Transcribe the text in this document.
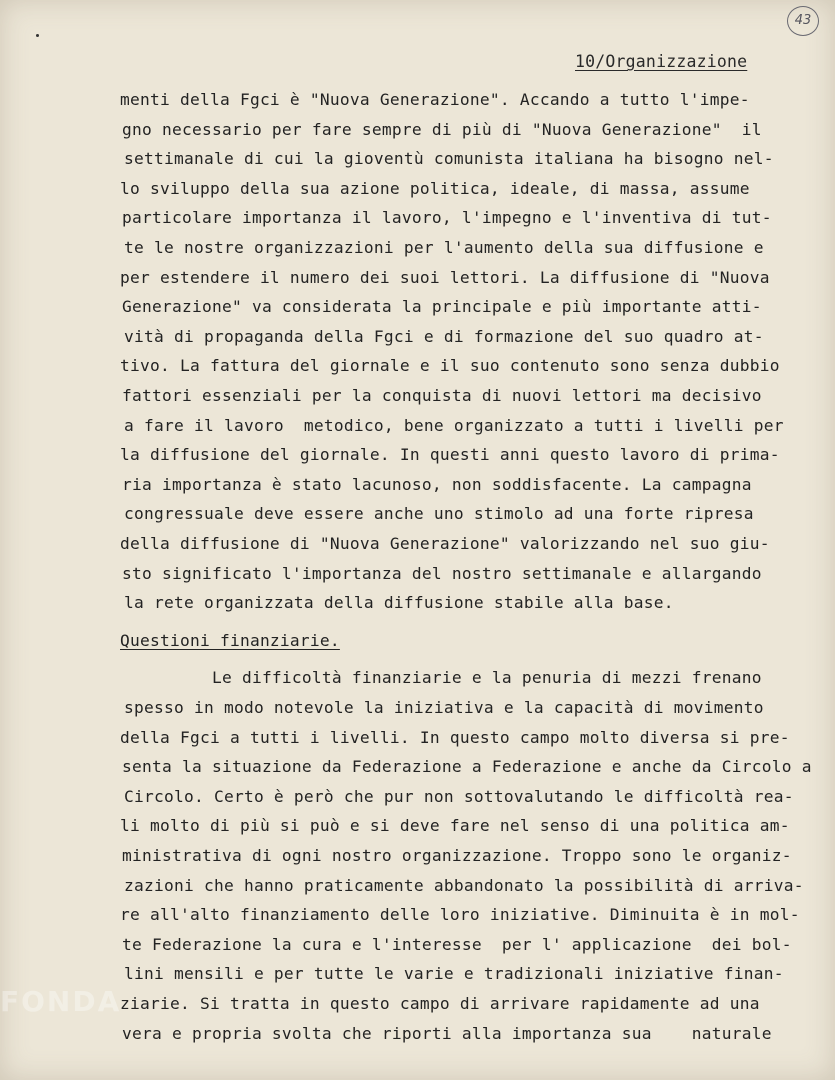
43
10/Organizzazione
menti della Fgci è "Nuova Generazione". Accando a tutto l'impe-
gno necessario per fare sempre di più di "Nuova Generazione"  il
settimanale di cui la gioventù comunista italiana ha bisogno nel-
lo sviluppo della sua azione politica, ideale, di massa, assume
particolare importanza il lavoro, l'impegno e l'inventiva di tut-
te le nostre organizzazioni per l'aumento della sua diffusione e
per estendere il numero dei suoi lettori. La diffusione di "Nuova
Generazione" va considerata la principale e più importante atti-
vità di propaganda della Fgci e di formazione del suo quadro at-
tivo. La fattura del giornale e il suo contenuto sono senza dubbio
fattori essenziali per la conquista di nuovi lettori ma decisivo
a fare il lavoro  metodico, bene organizzato a tutti i livelli per
la diffusione del giornale. In questi anni questo lavoro di prima-
ria importanza è stato lacunoso, non soddisfacente. La campagna
congressuale deve essere anche uno stimolo ad una forte ripresa
della diffusione di "Nuova Generazione" valorizzando nel suo giu-
sto significato l'importanza del nostro settimanale e allargando
la rete organizzata della diffusione stabile alla base.
Questioni finanziarie.
Le difficoltà finanziarie e la penuria di mezzi frenano
spesso in modo notevole la iniziativa e la capacità di movimento
della Fgci a tutti i livelli. In questo campo molto diversa si pre-
senta la situazione da Federazione a Federazione e anche da Circolo a
Circolo. Certo è però che pur non sottovalutando le difficoltà rea-
li molto di più si può e si deve fare nel senso di una politica am-
ministrativa di ogni nostro organizzazione. Troppo sono le organiz-
zazioni che hanno praticamente abbandonato la possibilità di arriva-
re all'alto finanziamento delle loro iniziative. Diminuita è in mol-
te Federazione la cura e l'interesse  per l' applicazione  dei bol-
lini mensili e per tutte le varie e tradizionali iniziative finan-
ziarie. Si tratta in questo campo di arrivare rapidamente ad una
vera e propria svolta che riporti alla importanza sua    naturale
FONDA
